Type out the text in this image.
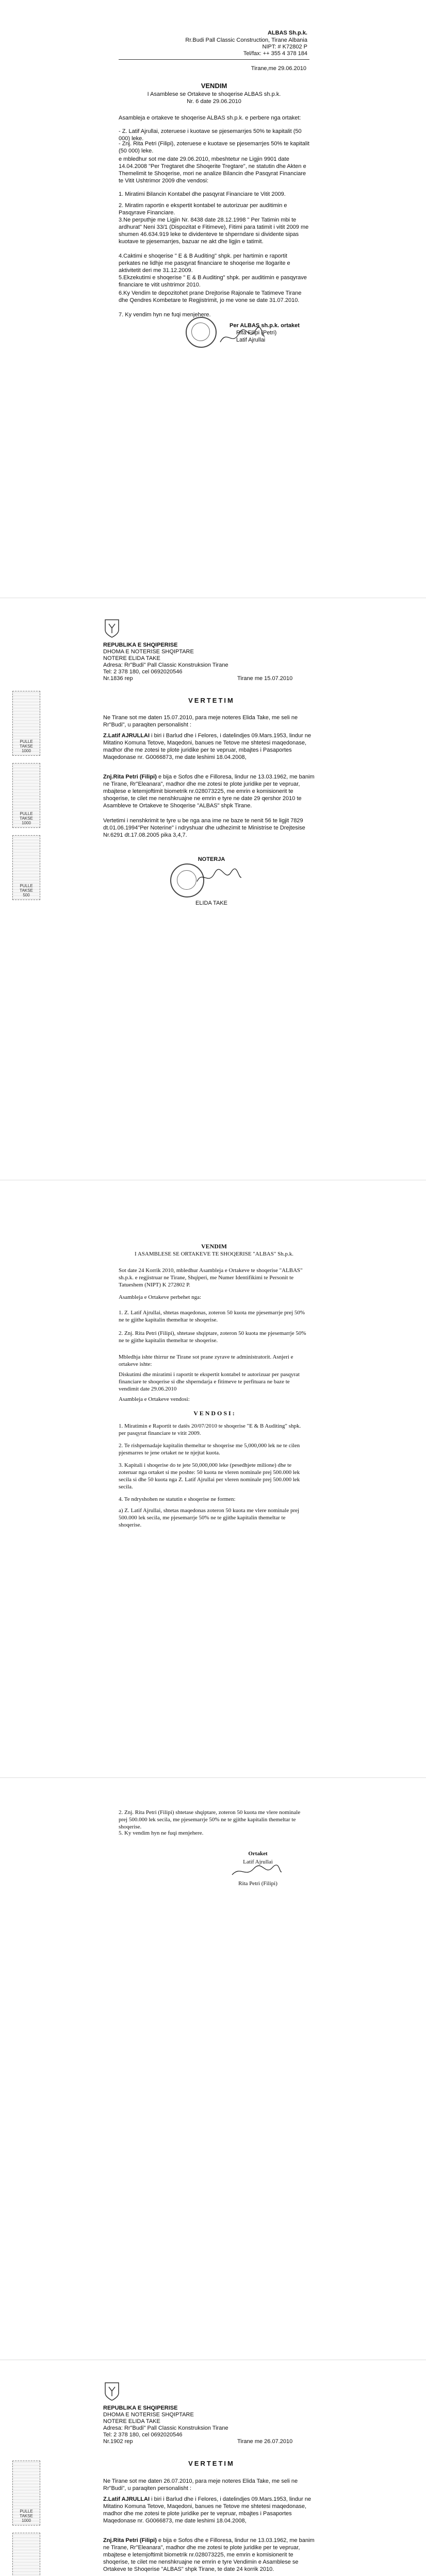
ALBAS Sh.p.k.
Rr.Budi Pall Classic Construction, Tirane Albania
NIPT: # K72802 P
Tel/fax: ++ 355 4 378 184
Tirane,me 29.06.2010
VENDIM
I Asamblese se Ortakeve te shoqerise ALBAS sh.p.k.
Nr. 6 date 29.06.2010
Asambleja e ortakeve te shoqerise ALBAS sh.p.k. e perbere nga ortaket:
- Z. Latif Ajrullai, zoteruese i kuotave se pjesemarrjes 50% te kapitalit (50 000) leke.
- Znj. Rita Petri (Filipi), zoteruese e kuotave se pjesemarrjes 50% te kapitalit (50 000) leke.
e mbledhur sot me date 29.06.2010, mbeshtetur ne Ligjin 9901 date 14.04.2008 "Per Tregtaret dhe Shoqerite Tregtare", ne statutin dhe Akten e Themelimit te Shoqerise, mori ne analize Bilancin dhe Pasqyrat Financiare te Vitit Ushtrimor 2009 dhe vendosi:
1. Miratimi Bilancin Kontabel dhe pasqyrat Financiare te Vitit 2009.
2. Miratim raportin e ekspertit kontabel te autorizuar per auditimin e Pasqyrave Financiare.
3.Ne perputhje me Ligjin Nr. 8438 date 28.12.1998 " Per Tatimin mbi te ardhurat" Neni 33/1 (Dispozitat e Fitimeve), Fitimi para tatimit i vitit 2009 me shumen 46.634.919 leke te dividenteve te shperndare si dividente sipas kuotave te pjesemarrjes, bazuar ne akt dhe ligjin e tatimit.
4.Caktimi e shoqerise " E & B Auditing" shpk. per hartimin e raportit perkates ne lidhje me pasqyrat financiare te shoqerise me llogarite e aktivitetit deri me 31.12.2009.
5.Ekzekutimi e shoqerise " E & B Auditing" shpk. per auditimin e pasqyrave financiare te vitit ushtrimor 2010.
6.Ky Vendim te depozitohet prane Drejtorise Rajonale te Tatimeve Tirane dhe Qendres Kombetare te Regjistrimit, jo me vone se date 31.07.2010.
7. Ky vendim hyn ne fuqi menjehere.
Per ALBAS sh.p.k. ortaket
Rita Filipi (Petri)
Latif Ajrullai
REPUBLIKA E SHQIPERISE
DHOMA E NOTERISE SHQIPTARE
NOTERE ELIDA TAKE
Adresa: Rr"Budi" Pall Classic Konstruksion Tirane
Tel: 2 378 180, cel 0692020546
Nr.1836 rep	Tirane me 15.07.2010
VERTETIM
Ne Tirane sot me daten 15.07.2010, para meje noteres Elida Take, me seli ne Rr"Budi", u paraqiten personalisht :
Z.Latif AJRULLAI i biri i Barlud dhe i Felores, i datelindjes 09.Mars.1953, lindur ne Mitatino Komuna Tetove, Maqedoni, banues ne Tetove me shtetesi maqedonase, madhor dhe me zotesi te plote juridike per te vepruar, mbajtes i Pasaportes Maqedonase nr. G0066873, me date leshimi 18.04.2008,
Znj.Rita Petri (Filipi) e bija e Sofos dhe e Filloresa, lindur ne 13.03.1962, me banim ne Tirane, Rr"Eleanara", madhor dhe me zotesi te plote juridike per te vepruar, mbajtese e letemjoftimit biometrik nr.028073225, me emrin e komisionerit te shoqerise, te cilet me nenshkruajne ne emrin e tyre ne date 29 qershor 2010 te Asambleve te Ortakeve te Shoqerise "ALBAS" shpk Tirane.
Vertetimi i nenshkrimit te tyre u be nga ana ime ne baze te nenit 56 te ligjit 7829 dt.01.06.1994"Per Noterine" i ndryshuar dhe udhezimit te Ministrise te Drejtesise Nr.6291 dt.17.08.2005 pika 3,4,7.
NOTERJA
ELIDA TAKE
PULLE TAKSE
1000
PULLE TAKSE
1000
PULLE TAKSE
500
VENDIM
I ASAMBLESE SE ORTAKEVE TE SHOQERISE "ALBAS" Sh.p.k.
Sot date 24 Korrik 2010, mbledhur Asambleja e Ortakeve te shoqerise "ALBAS" sh.p.k. e regjistruar ne Tirane, Shqiperi, me Numer Identifikimi te Personit te Tatueshem (NIPT) K 272802 P.
Asambleja e Ortakeve perbehet nga:
1. Z. Latif Ajrullai, shtetas maqedonas, zoteron 50 kuota me pjesemarrje prej 50% ne te gjithe kapitalin themeltar te shoqerise.
2. Znj. Rita Petri (Filipi), shtetase shqiptare, zoteron 50 kuota me pjesemarrje 50% ne te gjithe kapitalin themeltar te shoqerise.
Mbledhja ishte thirrur ne Tirane sot prane zyrave te administratorit. Asnjeri e ortakeve ishte:
Diskutimi dhe miratimi i raportit te ekspertit kontabel te autorizuar per pasqyrat financiare te shoqerise si dhe shperndarja e fitimeve te perfituara ne baze te vendimit date 29.06.2010
Asambleja e Ortakeve vendosi:
V E N D O S I :
1. Miratimin e Raportit te datës 20/07/2010 te shoqerise "E & B Auditing" shpk. per pasqyrat financiare te vitit 2009.
2. Te rishpernadaje kapitalin themeltar te shoqerise me 5,000,000 lek ne te cilen pjesmarres te jene ortaket ne te njejtat kuota.
3. Kapitali i shoqerise do te jete 50,000,000 leke (pesedhjete milione) dhe te zoteruar nga ortaket si me poshte: 50 kuota ne vleren nominale prej 500.000 lek secila si dhe 50 kuota nga Z. Latif Ajrullai per vleren nominale prej 500.000 lek secila.
4. Te ndryshohen ne statutin e shoqerise ne formen:
a) Z. Latif Ajrullai, shtetas maqedonas zoteron 50 kuota me vlere nominale prej 500.000 lek secila, me pjesemarrje 50% ne te gjithe kapitalin themeltar te shoqerise.
2. Znj. Rita Petri (Filipi) shtetase shqiptare, zoteron 50 kuota me vlere nominale prej 500.000 lek secila, me pjesemarrje 50% ne te gjithe kapitalin themeltar te shoqerise.
5. Ky vendim hyn ne fuqi menjehere.
Ortaket
Latif Ajrullai
Rita Petri (Filipi)
REPUBLIKA E SHQIPERISE
DHOMA E NOTERISE SHQIPTARE
NOTERE ELIDA TAKE
Adresa: Rr"Budi" Pall Classic Konstruksion Tirane
Tel: 2 378 180, cel 0692020546
Nr.1902 rep	Tirane me 26.07.2010
VERTETIM
Ne Tirane sot me daten 26.07.2010, para meje noteres Elida Take, me seli ne Rr"Budi", u paraqiten personalisht :
Z.Latif AJRULLAI i biri i Barlud dhe i Felores, i datelindjes 09.Mars.1953, lindur ne Mitatino Komuna Tetove, Maqedoni, banues ne Tetove me shtetesi maqedonase, madhor dhe me zotesi te plote juridike per te vepruar, mbajtes i Pasaportes Maqedonase nr. G0066873, me date leshimi 18.04.2008,
Znj.Rita Petri (Filipi) e bija e Sofos dhe e Filloresa, lindur ne 13.03.1962, me banim ne Tirane, Rr"Eleanara", madhor dhe me zotesi te plote juridike per te vepruar, mbajtese e letemjoftimit biometrik nr.028073225, me emrin e komisionerit te shoqerise, te cilet me nenshkruajne ne emrin e tyre Vendimin e Asamblese se Ortakeve te Shoqerise "ALBAS" shpk Tirane, te date 24 korrik 2010.
PULLE TAKSE
1000
